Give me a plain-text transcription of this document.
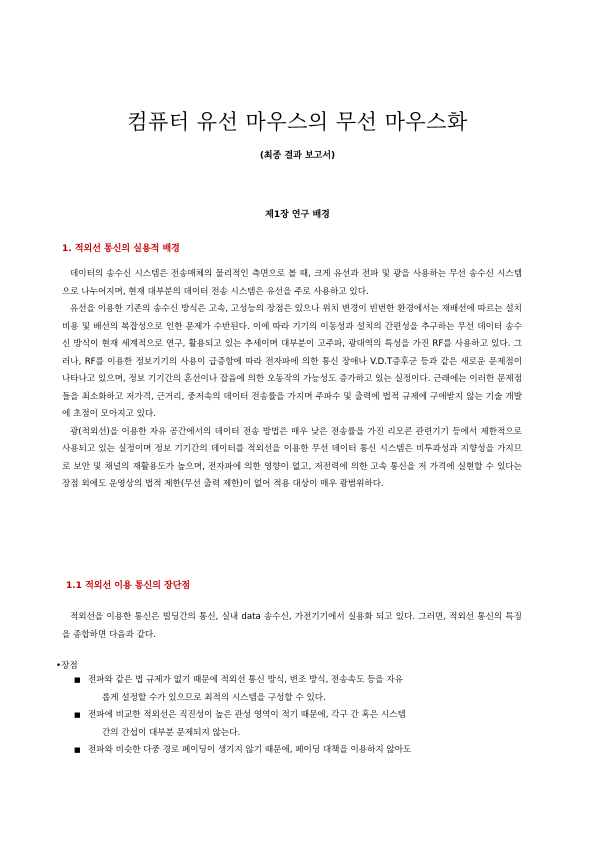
컴퓨터 유선 마우스의 무선 마우스화
(최종 결과 보고서)
제1장 연구 배경
1. 적외선 통신의 실용적 배경

데이터의 송수신 시스템은 전송매체의 물리적인 측면으로 볼 때, 크게 유선과 전파 및 광을 사용하는 무선 송수신 시스템으로 나누어지며, 현재 대부분의 데이터 전송 시스템은 유선을 주로 사용하고 있다.

유선을 이용한 기존의 송수신 방식은 고속, 고성능의 장점은 있으나 위치 변경이 빈번한 환경에서는 재배선에 따르는 설치비용 및 배선의 복잡성으로 인한 문제가 수반된다. 이에 따라 기기의 이동성과 설치의 간편성을 추구하는 무선 데이터 송수신 방식이 현재 세계적으로 연구, 활용되고 있는 추세이며 대부분이 고주파, 광대역의 특성을 가진 RF를 사용하고 있다. 그러나, RF를 이용한 정보기기의 사용이 급증함에 따라 전자파에 의한 통신 장애나 V.D.T증후군 등과 같은 새로운 문제점이 나타나고 있으며, 정보 기기간의 혼선이나 잡음에 의한 오동작의 가능성도 증가하고 있는 실정이다. 근래에는 이러한 문제점들을 최소화하고 저가격, 근거리, 중저속의 데이터 전송률을 가지며 주파수 및 출력에 법적 규제에 구애받지 않는 기술 개발에 초점이 모아지고 있다.

광(적외선)을 이용한 자유 공간에서의 데이터 전송 방법은 매우 낮은 전송률을 가진 리모콘 관련기기 등에서 제한적으로 사용되고 있는 실정이며 정보 기기간의 데이터를 적외선을 이용한 무선 데이터 통신 시스템은 비투과성과 지향성을 가지므로 보안 및 채널의 재활용도가 높으며, 전자파에 의한 영향이 없고, 저전력에 의한 고속 통신을 저 가격에 실현할 수 있다는 장점 외에도 운영상의 법적 제한(무선 출력 제한)이 없어 적용 대상이 매우 광범위하다.

1.1 적외선 이용 통신의 장단점

적외선을 이용한 통신은 빌딩간의 통신, 실내 data 송수신, 가전기기에서 실용화 되고 있다. 그러면, 적외선 통신의 특징을 종합하면 다음과 같다.

•장점
■ 전파와 같은 법 규제가 없기 때문에 적외선 통신 방식, 변조 방식, 전송속도 등을 자유
롭게 설정할 수가 있으므로 최적의 시스템을 구성할 수 있다.
■ 전파에 비교한 적외선은 직진성이 높은 관성 영역이 적기 때문에, 각구 간 혹은 시스템
간의 간섭이 대부분 문제되지 않는다.
■ 전파와 비슷한 다중 경로 페이딩이 생기지 않기 때문에, 페이딩 대책을 이용하지 않아도
